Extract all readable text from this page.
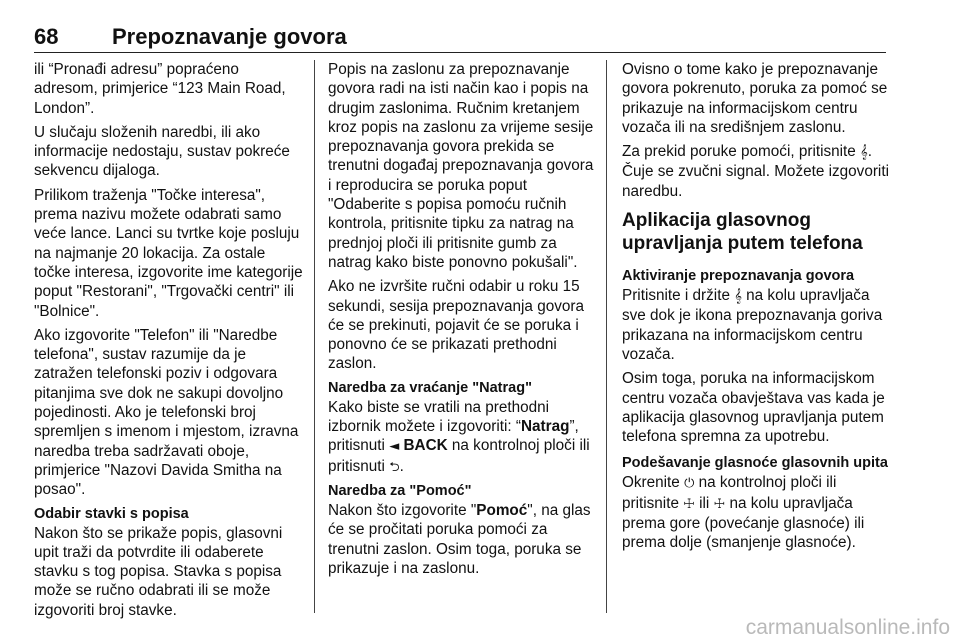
68 Prepoznavanje govora

ili “Pronađi adresu” popraćeno adresom, primjerice “123 Main Road, London”.

U slučaju složenih naredbi, ili ako informacije nedostaju, sustav pokreće sekvencu dijaloga.

Prilikom traženja "Točke interesa", prema nazivu možete odabrati samo veće lance. Lanci su tvrtke koje posluju na najmanje 20 lokacija. Za ostale točke interesa, izgovorite ime kategorije poput "Restorani", "Trgovački centri" ili "Bolnice".

Ako izgovorite "Telefon" ili "Naredbe telefona", sustav razumije da je zatražen telefonski poziv i odgovara pitanjima sve dok ne sakupi dovoljno pojedinosti. Ako je telefonski broj spremljen s imenom i mjestom, izravna naredba treba sadržavati oboje, primjerice "Nazovi Davida Smitha na posao".

Odabir stavki s popisa

Nakon što se prikaže popis, glasovni upit traži da potvrdite ili odaberete stavku s tog popisa. Stavka s popisa može se ručno odabrati ili se može izgovoriti broj stavke.

Popis na zaslonu za prepoznavanje govora radi na isti način kao i popis na drugim zaslonima. Ručnim kretanjem kroz popis na zaslonu za vrijeme sesije prepoznavanja govora prekida se trenutni događaj prepoznavanja govora i reproducira se poruka poput "Odaberite s popisa pomoću ručnih kontrola, pritisnite tipku za natrag na prednjoj ploči ili pritisnite gumb za natrag kako biste ponovno pokušali".

Ako ne izvršite ručni odabir u roku 15 sekundi, sesija prepoznavanja govora će se prekinuti, pojavit će se poruka i ponovno će se prikazati prethodni zaslon.

Naredba za vraćanje "Natrag"

Kako biste se vratili na prethodni izbornik možete i izgovoriti: “Natrag”, pritisnuti ◄ BACK na kontrolnoj ploči ili pritisnuti ⮌.

Naredba za "Pomoć"

Nakon što izgovorite "Pomoć", na glas će se pročitati poruka pomoći za trenutni zaslon. Osim toga, poruka se prikazuje i na zaslonu.

Ovisno o tome kako je prepoznavanje govora pokrenuto, poruka za pomoć se prikazuje na informacijskom centru vozača ili na središnjem zaslonu.

Za prekid poruke pomoći, pritisnite 𝄞. Čuje se zvučni signal. Možete izgovoriti naredbu.

Aplikacija glasovnog upravljanja putem telefona
Aktiviranje prepoznavanja govora

Pritisnite i držite 𝄞 na kolu upravljača sve dok je ikona prepoznavanja goriva prikazana na informacijskom centru vozača.

Osim toga, poruka na informacijskom centru vozača obavještava vas kada je aplikacija glasovnog upravljanja putem telefona spremna za upotrebu.

Podešavanje glasnoće glasovnih upita

Okrenite ⏻ na kontrolnoj ploči ili pritisnite ☩ ili ☩ na kolu upravljača prema gore (povećanje glasnoće) ili prema dolje (smanjenje glasnoće).

carmanualsonline.info
